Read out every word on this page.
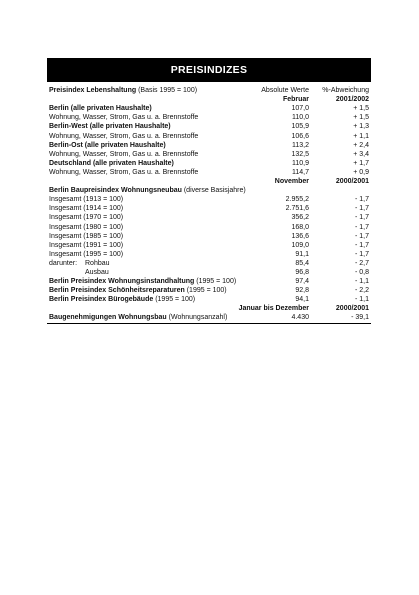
PREISINDIZES
Preisindex Lebenshaltung (Basis 1995 = 100)	Absolute Werte	%-Abweichung
Februar	2001/2002
Berlin (alle privaten Haushalte)	107,0	+ 1,5
Wohnung, Wasser, Strom, Gas u. a. Brennstoffe	110,0	+ 1,5
Berlin-West (alle privaten Haushalte)	105,9	+ 1,3
Wohnung, Wasser, Strom, Gas u. a. Brennstoffe	106,6	+ 1,1
Berlin-Ost (alle privaten Haushalte)	113,2	+ 2,4
Wohnung, Wasser, Strom, Gas u. a. Brennstoffe	132,5	+ 3,4
Deutschland (alle privaten Haushalte)	110,9	+ 1,7
Wohnung, Wasser, Strom, Gas u. a. Brennstoffe	114,7	+ 0,9
November	2000/2001
Berlin Baupreisindex Wohnungsneubau (diverse Basisjahre)
Insgesamt (1913 = 100)	2.955,2	- 1,7
Insgesamt (1914 = 100)	2.751,6	- 1,7
Insgesamt (1970 = 100)	356,2	- 1,7
Insgesamt (1980 = 100)	168,0	- 1,7
Insgesamt (1985 = 100)	136,6	- 1,7
Insgesamt (1991 = 100)	109,0	- 1,7
Insgesamt (1995 = 100)	91,1	- 1,7
darunter: Rohbau	85,4	- 2,7
Ausbau	96,8	- 0,8
Berlin Preisindex Wohnungsinstandhaltung (1995 = 100)	97,4	- 1,1
Berlin Preisindex Schönheitsreparaturen (1995 = 100)	92,8	- 2,2
Berlin Preisindex Bürogebäude (1995 = 100)	94,1	- 1,1
Januar bis Dezember	2000/2001
Baugenehmigungen Wohnungsbau (Wohnungsanzahl)	4.430	- 39,1
